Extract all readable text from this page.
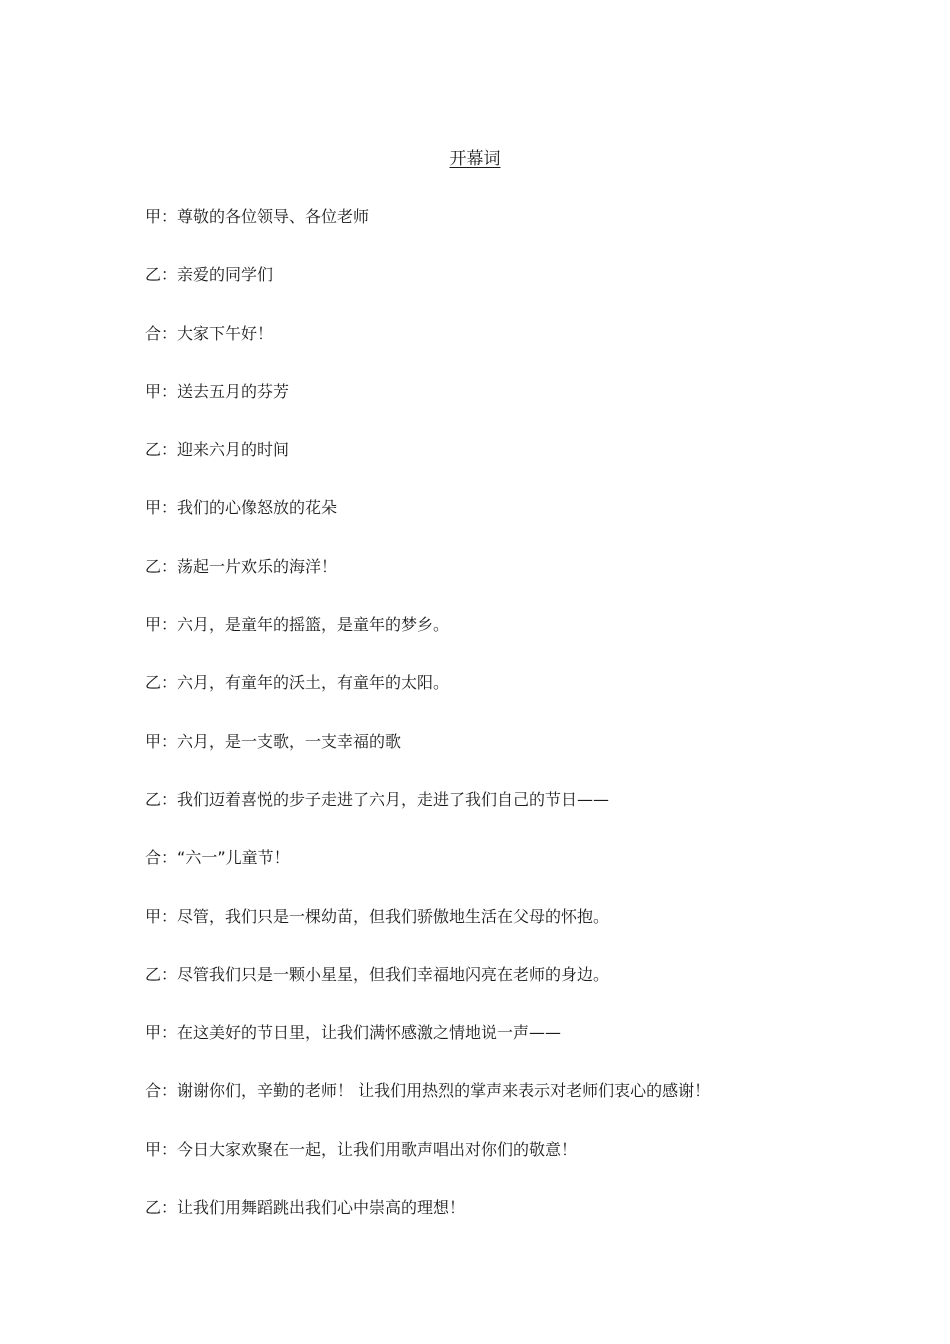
开幕词
甲：尊敬的各位领导、各位老师
乙：亲爱的同学们
合：大家下午好！
甲：送去五月的芬芳
乙：迎来六月的时间
甲：我们的心像怒放的花朵
乙：荡起一片欢乐的海洋！
甲：六月，是童年的摇篮，是童年的梦乡。
乙：六月，有童年的沃土，有童年的太阳。
甲：六月，是一支歌，一支幸福的歌
乙：我们迈着喜悦的步子走进了六月，走进了我们自己的节日——
合：“六一”儿童节！
甲：尽管，我们只是一棵幼苗，但我们骄傲地生活在父母的怀抱。
乙：尽管我们只是一颗小星星，但我们幸福地闪亮在老师的身边。
甲：在这美好的节日里，让我们满怀感激之情地说一声——
合：谢谢你们，辛勤的老师！ 让我们用热烈的掌声来表示对老师们衷心的感谢！
甲：今日大家欢聚在一起，让我们用歌声唱出对你们的敬意！
乙：让我们用舞蹈跳出我们心中崇高的理想！
